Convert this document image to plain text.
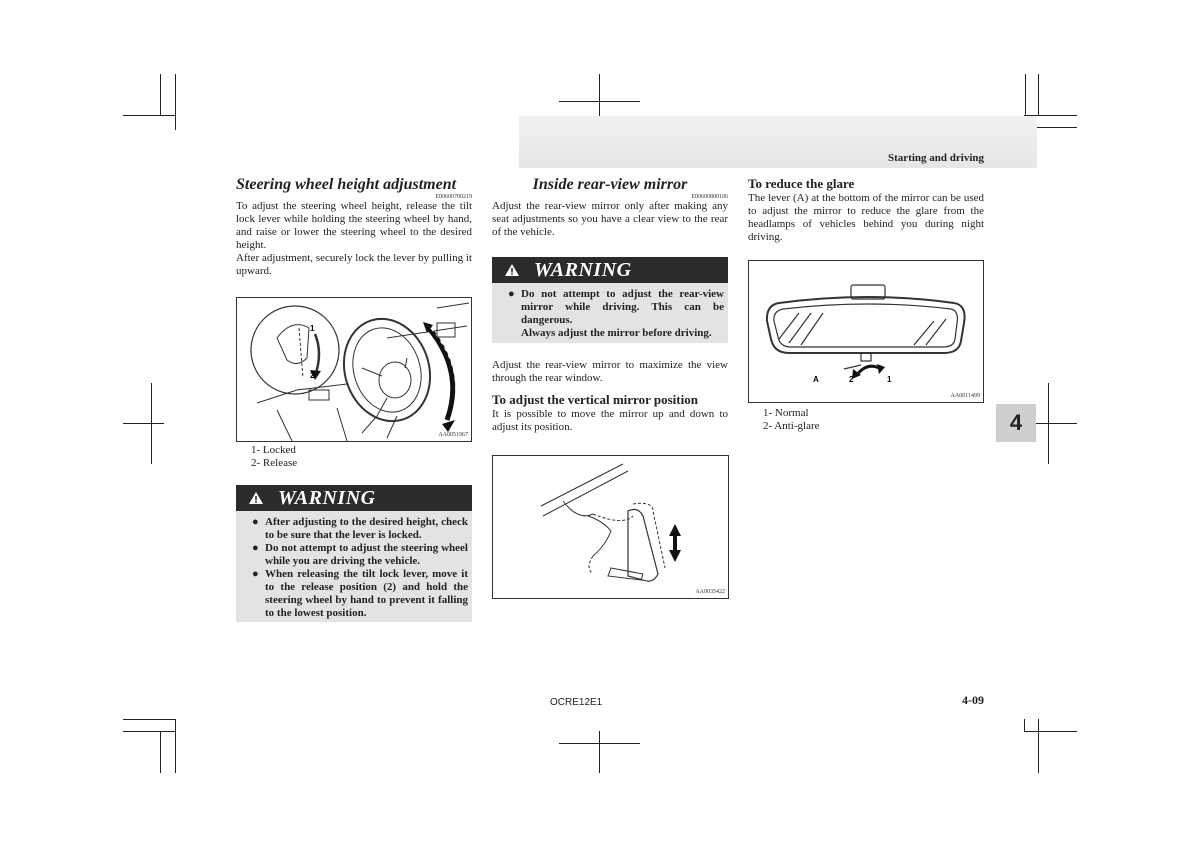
Starting and driving
4
Steering wheel height adjustment
E00600700219
To adjust the steering wheel height, release the tilt lock lever while holding the steering wheel by hand, and raise or lower the steering wheel to the desired height.
After adjustment, securely lock the lever by pulling it upward.
1
2
AA0051967
1- Locked
2- Release
WARNING
● After adjusting to the desired height, check to be sure that the lever is locked.
● Do not attempt to adjust the steering wheel while you are driving the vehicle.
● When releasing the tilt lock lever, move it to the release position (2) and hold the steering wheel by hand to prevent it falling to the lowest position.
Inside rear-view mirror
E00600800106
Adjust the rear-view mirror only after making any seat adjustments so you have a clear view to the rear of the vehicle.
WARNING
● Do not attempt to adjust the rear-view mirror while driving. This can be dangerous.
Always adjust the mirror before driving.
Adjust the rear-view mirror to maximize the view through the rear window.
To adjust the vertical mirror position
It is possible to move the mirror up and down to adjust its position.
AA0035422
To reduce the glare
The lever (A) at the bottom of the mirror can be used to adjust the mirror to reduce the glare from the headlamps of vehicles behind you during night driving.
A	2	1
AA0011499
1- Normal
2- Anti-glare
OCRE12E1	4-09
